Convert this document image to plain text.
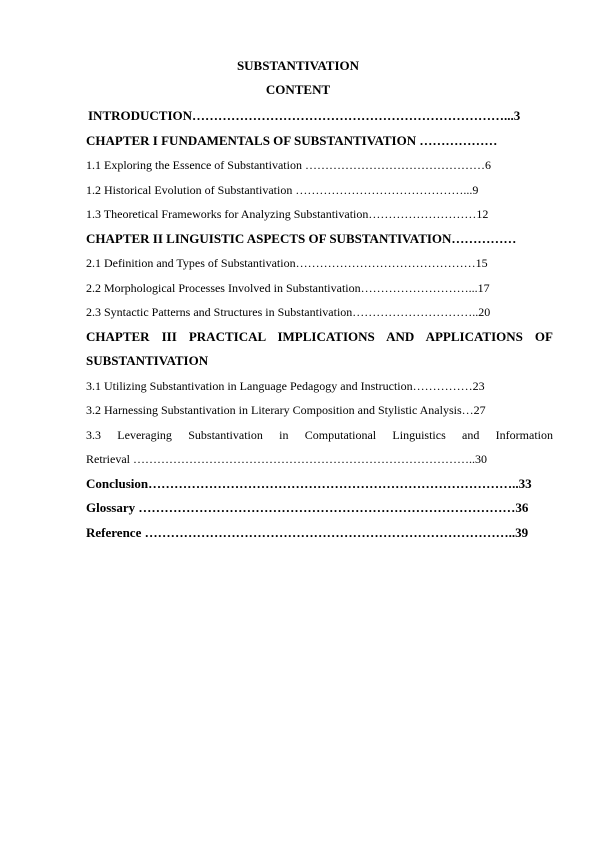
SUBSTANTIVATION
CONTENT
INTRODUCTION………………………………………………………………...3
CHAPTER I FUNDAMENTALS OF SUBSTANTIVATION ………………
1.1 Exploring the Essence of Substantivation ………………………………………6
1.2 Historical Evolution of Substantivation ……………………………………...9
1.3 Theoretical Frameworks for Analyzing Substantivation………………………12
CHAPTER II LINGUISTIC ASPECTS OF SUBSTANTIVATION……………
2.1 Definition and Types of Substantivation………………………………………15
2.2 Morphological Processes Involved in Substantivation………………………...17
2.3 Syntactic Patterns and Structures in Substantivation…………………………..20
CHAPTER III PRACTICAL IMPLICATIONS AND APPLICATIONS OF
SUBSTANTIVATION
3.1 Utilizing Substantivation in Language Pedagogy and Instruction……………23
3.2 Harnessing Substantivation in Literary Composition and Stylistic Analysis…27
3.3 Leveraging Substantivation in Computational Linguistics and Information
Retrieval …………………………………………………………………………..30
Conclusion…………………………………………………………………………..33
Glossary ……………………………………………………………………………36
Reference …………………………………………………………………………..39
